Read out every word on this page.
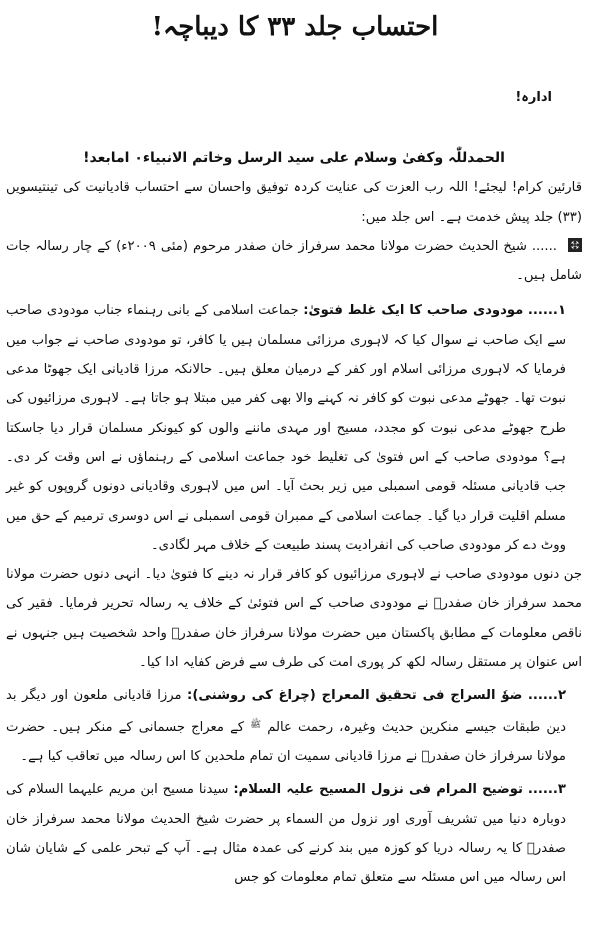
احتساب جلد ۳۳ کا دیباچہ!
ادارہ!

الحمدللّٰہ وکفیٰ وسلام علی سید الرسل وخاتم الانبیاء۰ امابعد!

قارئین کرام! لیجئے! اللہ رب العزت کی عنایت کردہ توفیق واحسان سے احتساب قادیانیت کی تینتیسویں (۳۳) جلد پیش خدمت ہے۔ اس جلد میں:

...... شیخ الحدیث حضرت مولانا محمد سرفراز خان صفدر مرحوم (مئی ۲۰۰۹ء) کے چار رسالہ جات شامل ہیں۔

۱...... مودودی صاحب کا ایک غلط فتویٰ: جماعت اسلامی کے بانی رہنماء جناب مودودی صاحب سے ایک صاحب نے سوال کیا کہ لاہوری مرزائی مسلمان ہیں یا کافر، تو مودودی صاحب نے جواب میں فرمایا کہ لاہوری مرزائی اسلام اور کفر کے درمیان معلق ہیں۔ حالانکہ مرزا قادیانی ایک جھوٹا مدعی نبوت تھا۔ جھوٹے مدعی نبوت کو کافر نہ کہنے والا بھی کفر میں مبتلا ہو جاتا ہے۔ لاہوری مرزائیوں کی طرح جھوٹے مدعی نبوت کو مجدد، مسیح اور مہدی ماننے والوں کو کیونکر مسلمان قرار دیا جاسکتا ہے؟ مودودی صاحب کے اس فتویٰ کی تغلیط خود جماعت اسلامی کے رہنماؤں نے اس وقت کر دی۔ جب قادیانی مسئلہ قومی اسمبلی میں زیر بحث آیا۔ اس میں لاہوری وقادیانی دونوں گروپوں کو غیر مسلم اقلیت قرار دیا گیا۔ جماعت اسلامی کے ممبران قومی اسمبلی نے اس دوسری ترمیم کے حق میں ووٹ دے کر مودودی صاحب کی انفرادیت پسند طبیعت کے خلاف مہر لگادی۔

جن دنوں مودودی صاحب نے لاہوری مرزائیوں کو کافر قرار نہ دینے کا فتویٰ دیا۔ انہی دنوں حضرت مولانا محمد سرفراز خان صفدرؒ نے مودودی صاحب کے اس فتوئیٰ کے خلاف یہ رسالہ تحریر فرمایا۔ فقیر کی ناقص معلومات کے مطابق پاکستان میں حضرت مولانا سرفراز خان صفدرؒ واحد شخصیت ہیں جنہوں نے اس عنوان پر مستقل رسالہ لکھ کر پوری امت کی طرف سے فرض کفایہ ادا کیا۔

۲...... ضوٗ السراج فی تحقیق المعراج (چراغ کی روشنی): مرزا قادیانی ملعون اور دیگر بد دین طبقات جیسے منکرین حدیث وغیرہ، رحمت عالم $^ﷺ$ کے معراج جسمانی کے منکر ہیں۔ حضرت مولانا سرفراز خان صفدرؒ نے مرزا قادیانی سمیت ان تمام ملحدین کا اس رسالہ میں تعاقب کیا ہے۔

۳...... توضیح المرام فی نزول المسیح علیہ السلام: سیدنا مسیح ابن مریم علیہما السلام کی دوبارہ دنیا میں تشریف آوری اور نزول من السماء پر حضرت شیخ الحدیث مولانا محمد سرفراز خان صفدرؒ کا یہ رسالہ دریا کو کوزہ میں بند کرنے کی عمدہ مثال ہے۔ آپ کے تبحر علمی کے شایان شان اس رسالہ میں اس مسئلہ سے متعلق تمام معلومات کو جس
